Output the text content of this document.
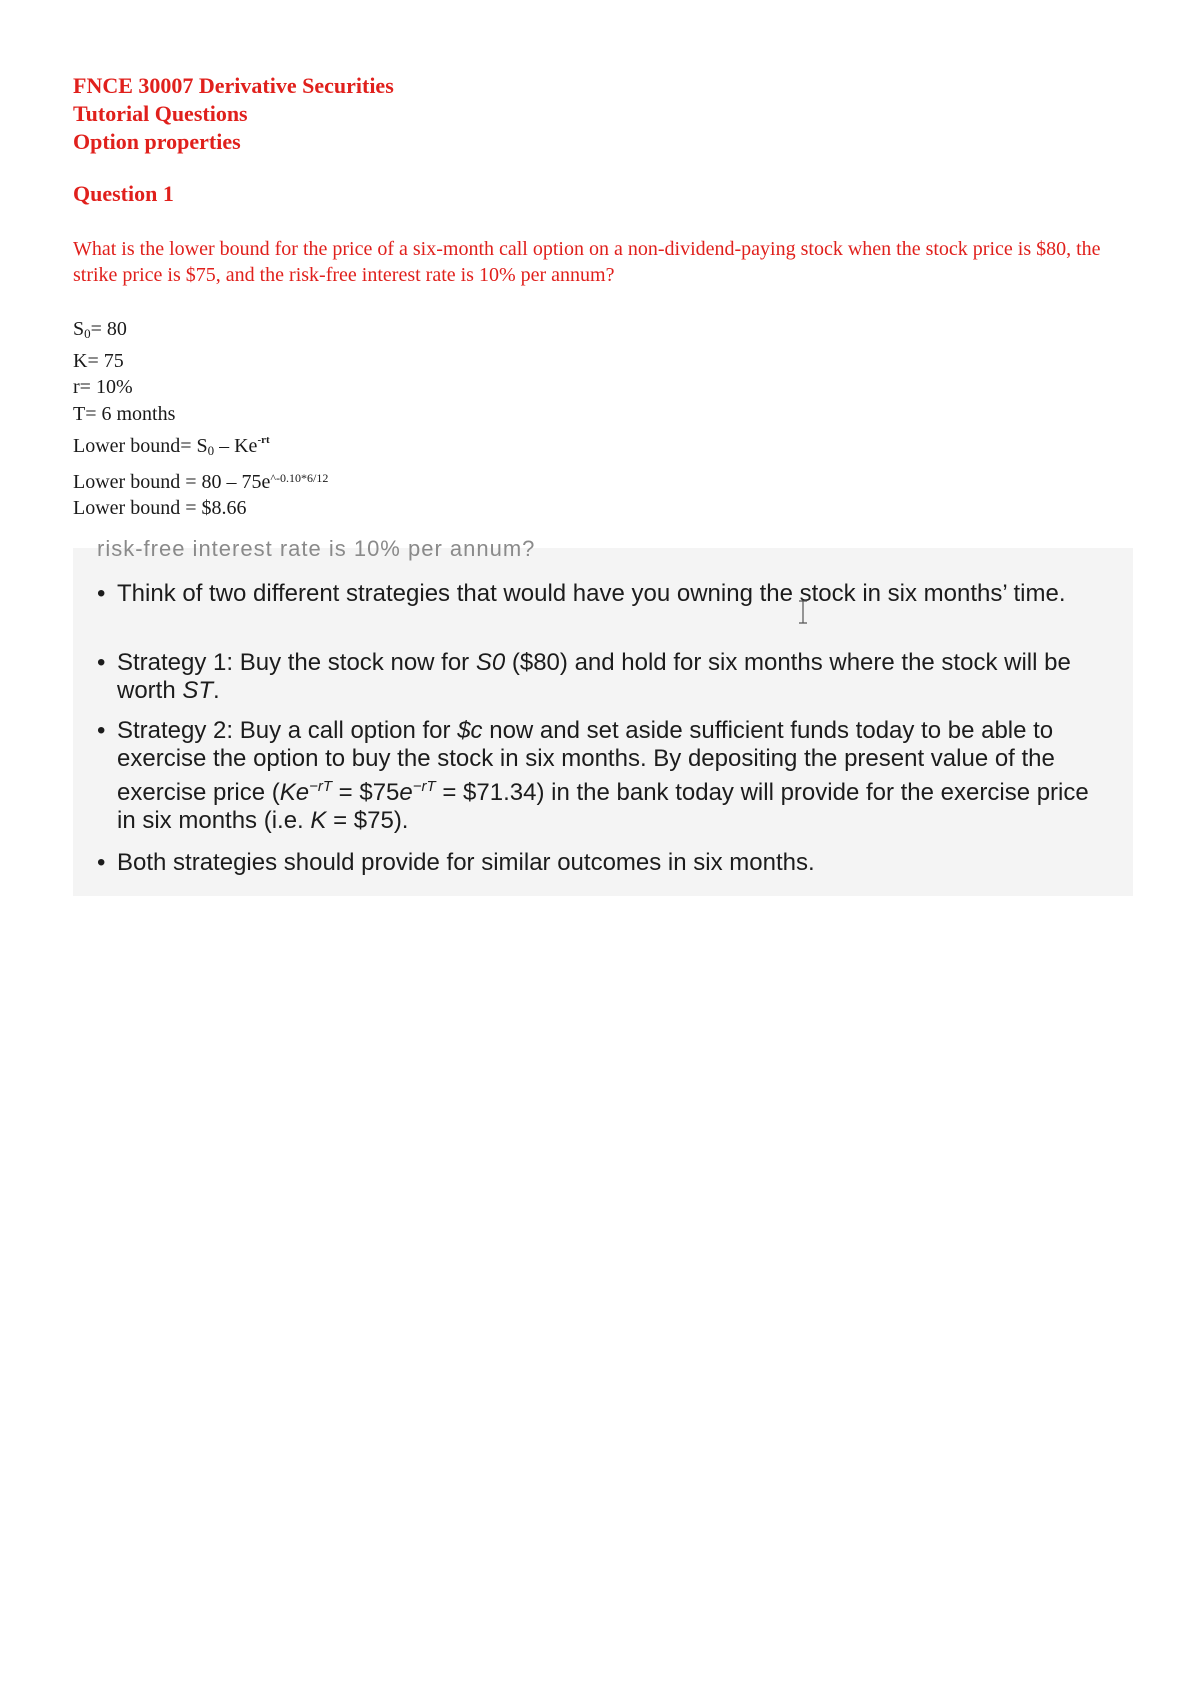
FNCE 30007 Derivative Securities
Tutorial Questions
Option properties
Question 1
What is the lower bound for the price of a six-month call option on a non-dividend-paying stock when the stock price is $80, the strike price is $75, and the risk-free interest rate is 10% per annum?
$S_0= 80$
K= 75
r= 10%
T= 6 months
Lower bound= $S_0 - Ke^{-rt}$
Lower bound = $80 - 75e^{\^{}-0.10*6/12}$
Lower bound = $8.66
risk-free interest rate is 10% per annum?
• Think of two different strategies that would have you owning the stock in six months’ time.
• Strategy 1: Buy the stock now for S0 ($80) and hold for six months where the stock will be worth ST.
• Strategy 2: Buy a call option for $c now and set aside sufficient funds today to be able to exercise the option to buy the stock in six months. By depositing the present value of the exercise price ($Ke^{-rT}$ = $\$75e^{-rT}$ = $71.34) in the bank today will provide for the exercise price in six months (i.e. K = $75).
• Both strategies should provide for similar outcomes in six months.
